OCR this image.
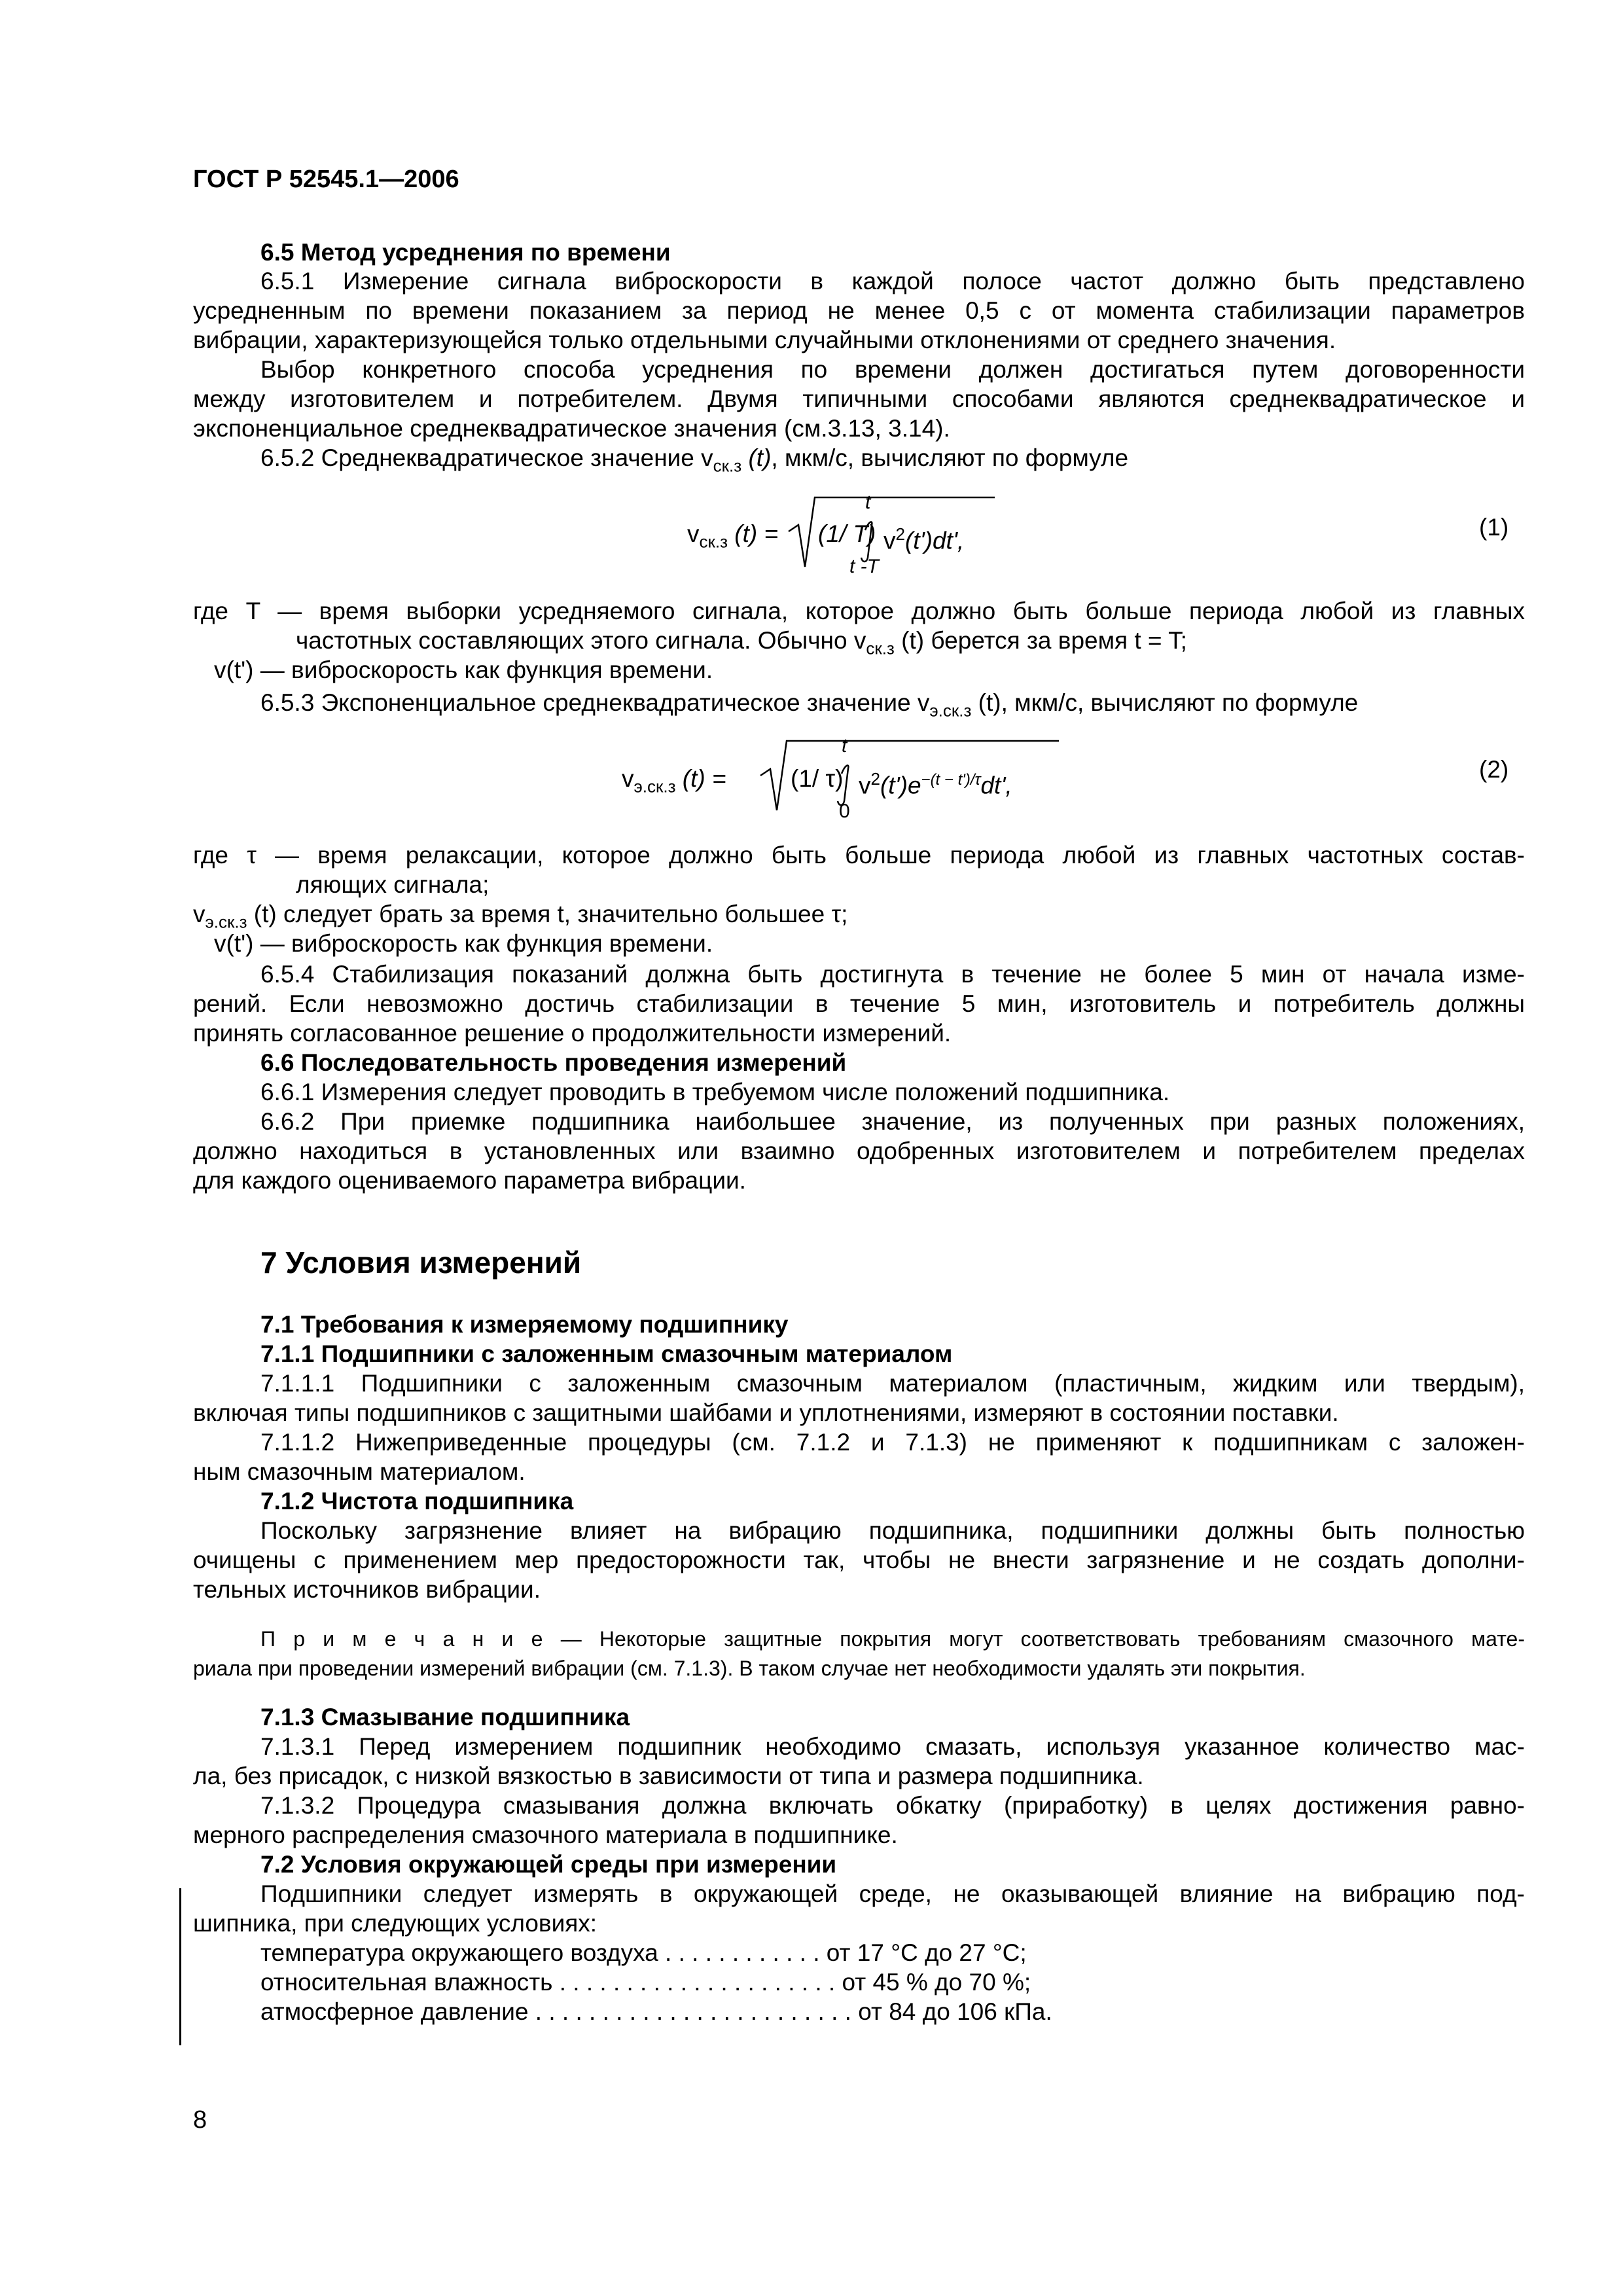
ГОСТ Р 52545.1—2006
6.5 Метод усреднения по времени
6.5.1 Измерение сигнала виброскорости в каждой полосе частот должно быть представлено
усредненным по времени показанием за период не менее 0,5 с от момента стабилизации параметров
вибрации, характеризующейся только отдельными случайными отклонениями от среднего значения.
Выбор конкретного способа усреднения по времени должен достигаться путем договоренности
между изготовителем и потребителем. Двумя типичными способами являются среднеквадратическое и
экспоненциальное среднеквадратическое значения (см.3.13, 3.14).
6.5.2 Среднеквадратическое значение $v_{ск.з}$ (t), мкм/с, вычисляют по формуле
$v_{ск.з}$ (t) = (1/ T)
t
t -T
$v^2(t')dt'$,	(1)
где T — время выборки усредняемого сигнала, которое должно быть больше периода любой из главных
частотных составляющих этого сигнала. Обычно $v_{ск.з}$ (t) берется за время t = T;
v(t') — виброскорость как функция времени.
6.5.3 Экспоненциальное среднеквадратическое значение $v_{э.ск.з}$ (t), мкм/с, вычисляют по формуле
$v_{э.ск.з}$ (t) =	(1/ τ)
t
0
$v^2(t')e^{-(t - t')/\tau}dt'$,
(2)
где τ — время релаксации, которое должно быть больше периода любой из главных частотных состав-
ляющих сигнала;
$v_{э.ск.з}$ (t) следует брать за время t, значительно большее τ;
v(t') — виброскорость как функция времени.
6.5.4 Стабилизация показаний должна быть достигнута в течение не более 5 мин от начала изме-
рений. Если невозможно достичь стабилизации в течение 5 мин, изготовитель и потребитель должны
принять согласованное решение о продолжительности измерений.
6.6 Последовательность проведения измерений
6.6.1 Измерения следует проводить в требуемом числе положений подшипника.
6.6.2 При приемке подшипника наибольшее значение, из полученных при разных положениях,
должно находиться в установленных или взаимно одобренных изготовителем и потребителем пределах
для каждого оцениваемого параметра вибрации.
7 Условия измерений
7.1 Требования к измеряемому подшипнику
7.1.1 Подшипники с заложенным смазочным материалом
7.1.1.1 Подшипники с заложенным смазочным материалом (пластичным, жидким или твердым),
включая типы подшипников с защитными шайбами и уплотнениями, измеряют в состоянии поставки.
7.1.1.2 Нижеприведенные процедуры (см. 7.1.2 и 7.1.3) не применяют к подшипникам с заложен-
ным смазочным материалом.
7.1.2 Чистота подшипника
Поскольку загрязнение влияет на вибрацию подшипника, подшипники должны быть полностью
очищены с применением мер предосторожности так, чтобы не внести загрязнение и не создать дополни-
тельных источников вибрации.
П р и м е ч а н и е — Некоторые защитные покрытия могут соответствовать требованиям смазочного мате-
риала при проведении измерений вибрации (см. 7.1.3). В таком случае нет необходимости удалять эти покрытия.
7.1.3 Смазывание подшипника
7.1.3.1 Перед измерением подшипник необходимо смазать, используя указанное количество мас-
ла, без присадок, с низкой вязкостью в зависимости от типа и размера подшипника.
7.1.3.2 Процедура смазывания должна включать обкатку (приработку) в целях достижения равно-
мерного распределения смазочного материала в подшипнике.
7.2 Условия окружающей среды при измерении
Подшипники следует измерять в окружающей среде, не оказывающей влияние на вибрацию под-
шипника, при следующих условиях:
температура окружающего воздуха . . . . . . . . . . . . от 17 °С до 27 °С;
относительная влажность . . . . . . . . . . . . . . . . . . . . . от 45 % до 70 %;
атмосферное давление . . . . . . . . . . . . . . . . . . . . . . . . от 84 до 106 кПа.
8
